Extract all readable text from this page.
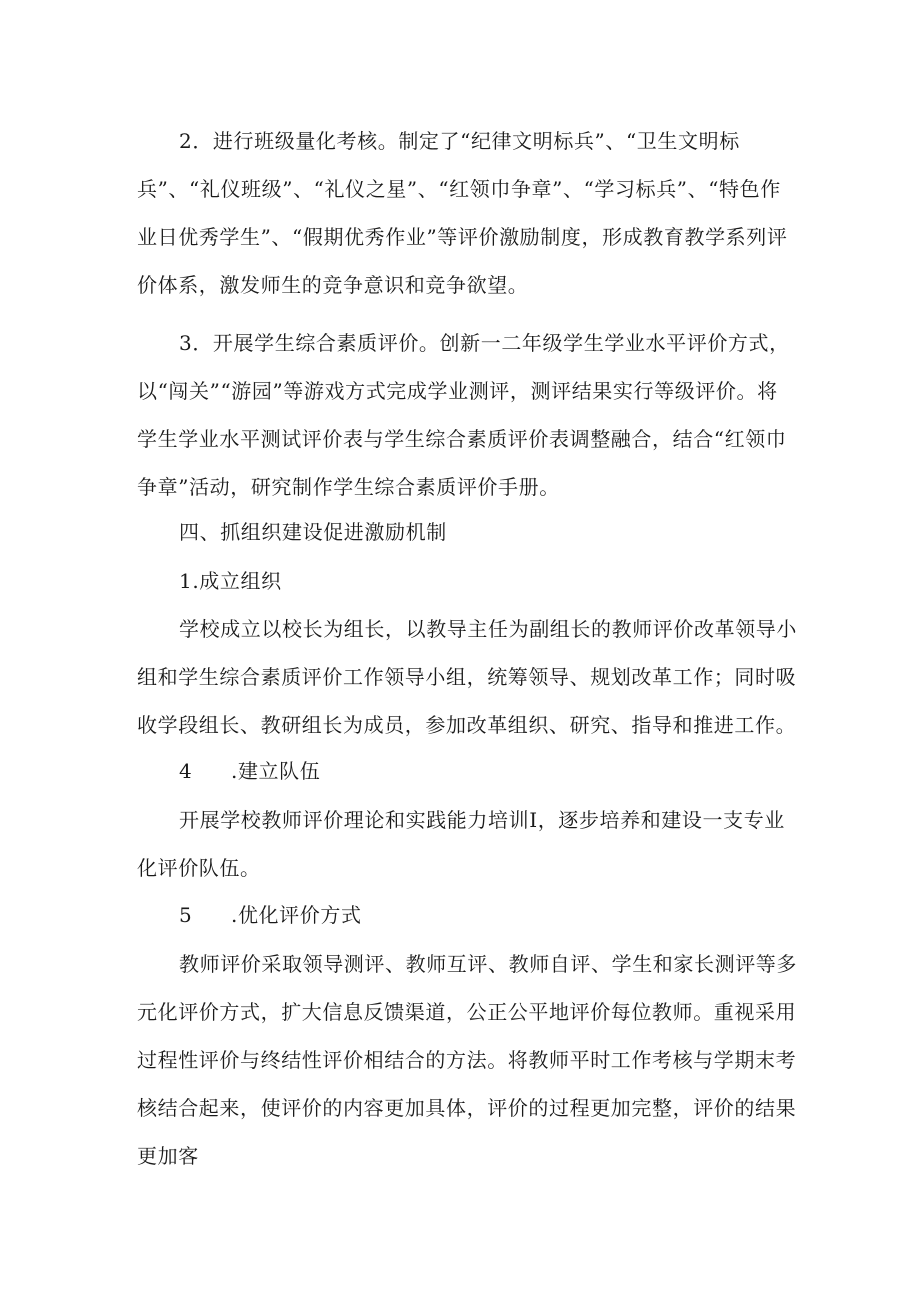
2．进行班级量化考核。制定了“纪律文明标兵”、“卫生文明标兵”、“礼仪班级”、“礼仪之星”、“红领巾争章”、“学习标兵”、“特色作业日优秀学生”、“假期优秀作业”等评价激励制度，形成教育教学系列评价体系，激发师生的竞争意识和竞争欲望。

3．开展学生综合素质评价。创新一二年级学生学业水平评价方式，以“闯关”“游园”等游戏方式完成学业测评，测评结果实行等级评价。将学生学业水平测试评价表与学生综合素质评价表调整融合，结合“红领巾争章”活动，研究制作学生综合素质评价手册。

四、抓组织建设促进激励机制

1.成立组织

学校成立以校长为组长，以教导主任为副组长的教师评价改革领导小组和学生综合素质评价工作领导小组，统筹领导、规划改革工作；同时吸收学段组长、教研组长为成员，参加改革组织、研究、指导和推进工作。

4 .建立队伍

开展学校教师评价理论和实践能力培训I，逐步培养和建设一支专业化评价队伍。

5 .优化评价方式

教师评价采取领导测评、教师互评、教师自评、学生和家长测评等多元化评价方式，扩大信息反馈渠道，公正公平地评价每位教师。重视采用过程性评价与终结性评价相结合的方法。将教师平时工作考核与学期末考核结合起来，使评价的内容更加具体，评价的过程更加完整，评价的结果更加客
